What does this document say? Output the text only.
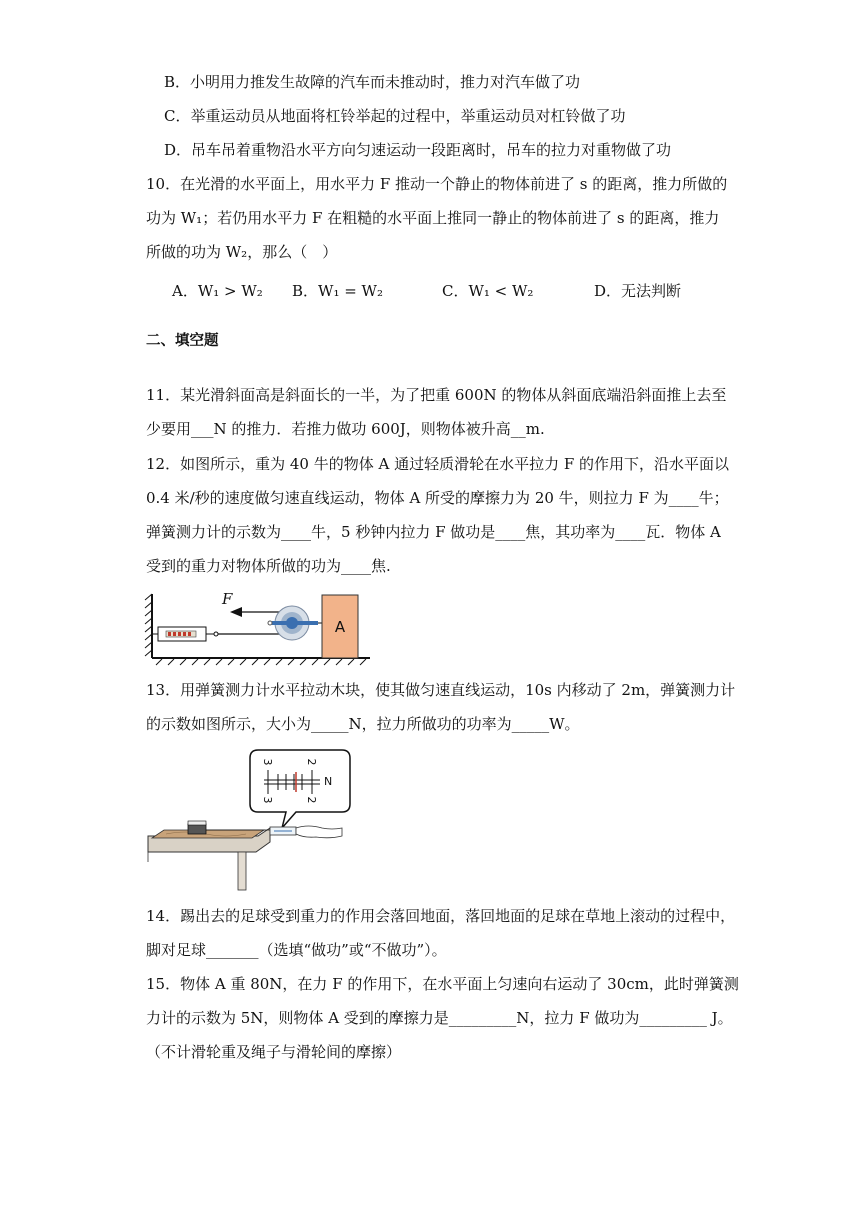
B．小明用力推发生故障的汽车而未推动时，推力对汽车做了功
C．举重运动员从地面将杠铃举起的过程中，举重运动员对杠铃做了功
D．吊车吊着重物沿水平方向匀速运动一段距离时，吊车的拉力对重物做了功
10．在光滑的水平面上，用水平力 F 推动一个静止的物体前进了 s 的距离，推力所做的
功为 W₁；若仍用水平力 F 在粗糙的水平面上推同一静止的物体前进了 s 的距离，推力
所做的功为 W₂，那么（　）
A．W₁ > W₂ B．W₁ = W₂	C．W₁ < W₂	D．无法判断
二、填空题
11．某光滑斜面高是斜面长的一半，为了把重 600N 的物体从斜面底端沿斜面推上去至
少要用___N 的推力．若推力做功 600J，则物体被升高__m.
12．如图所示，重为 40 牛的物体 A 通过轻质滑轮在水平拉力 F 的作用下，沿水平面以
0.4 米/秒的速度做匀速直线运动，物体 A 所受的摩擦力为 20 牛，则拉力 F 为____牛；
弹簧测力计的示数为____牛，5 秒钟内拉力 F 做功是____焦，其功率为____瓦．物体 A
受到的重力对物体所做的功为____焦.
F
A
13．用弹簧测力计水平拉动木块，使其做匀速直线运动，10s 内移动了 2m，弹簧测力计
的示数如图所示，大小为_____N，拉力所做功的功率为_____W。
3	2
N
3	2
14．踢出去的足球受到重力的作用会落回地面，落回地面的足球在草地上滚动的过程中，
脚对足球_______（选填“做功”或“不做功”）。
15．物体 A 重 80N，在力 F 的作用下，在水平面上匀速向右运动了 30cm，此时弹簧测
力计的示数为 5N，则物体 A 受到的摩擦力是_________N，拉力 F 做功为_________ J。
（不计滑轮重及绳子与滑轮间的摩擦）
